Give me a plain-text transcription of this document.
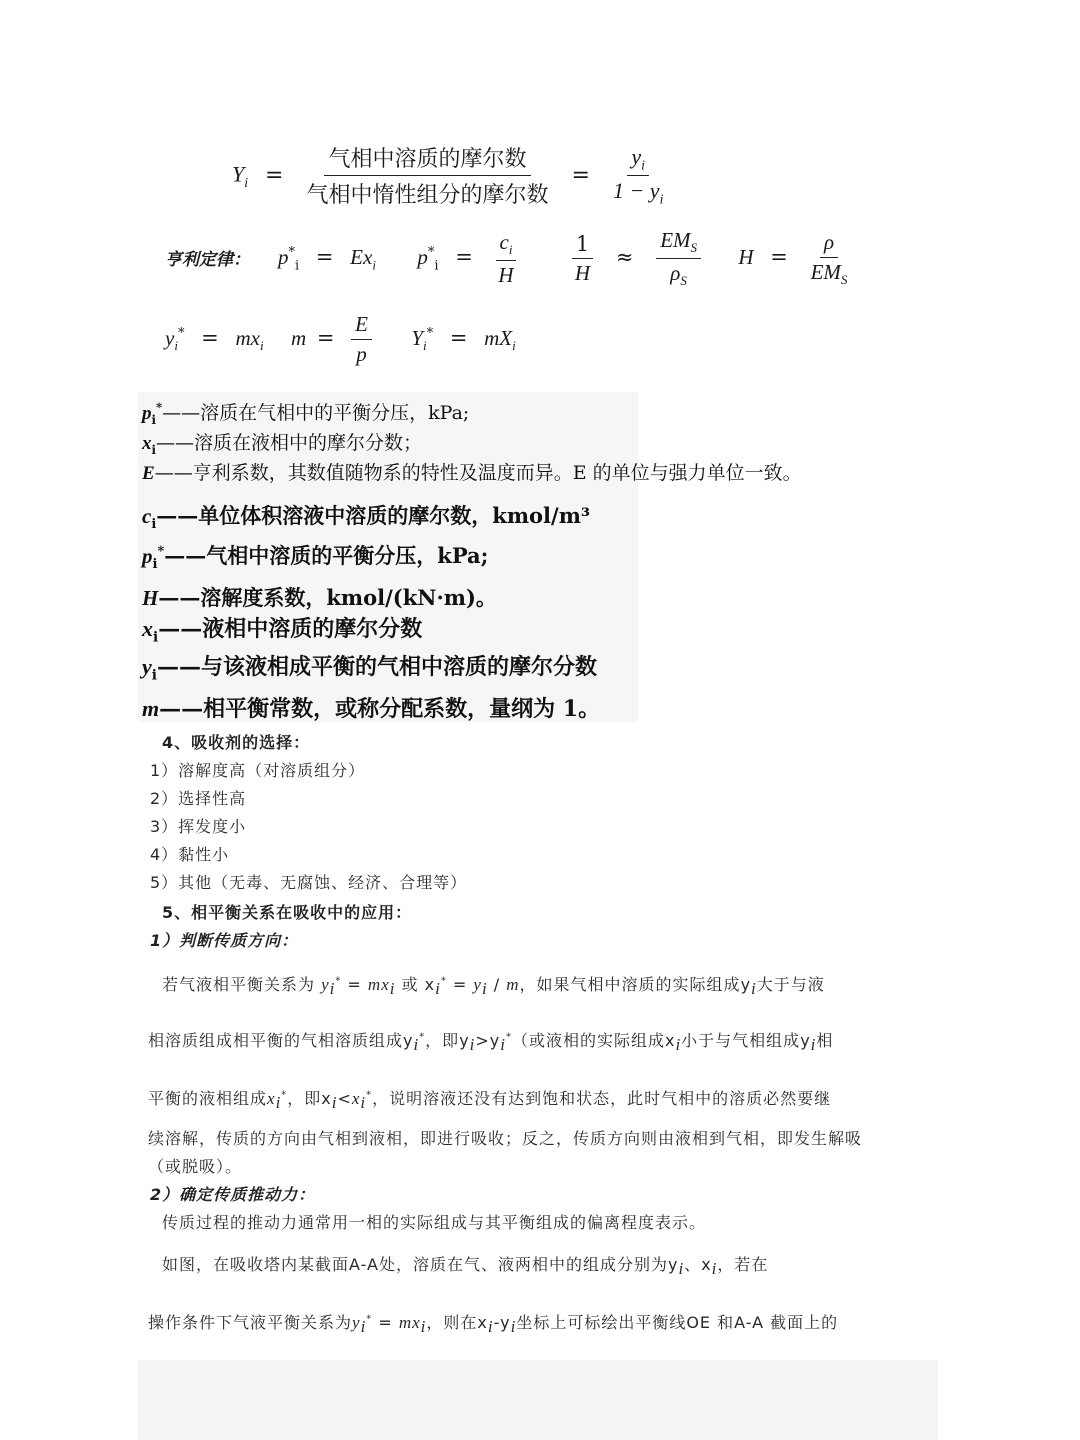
$Y_i = \frac{\text{气相中溶质的摩尔数}}{\text{气相中惰性组分的摩尔数}} = \frac{y_i}{1 - y_i}$
亨利定律： $p^*_i = Ex_i$ $p^*_i = \frac{c_i}{H}$
	$\frac{1}{H} \approx \frac{EM_S}{\rho_S}$ $H = \frac{\rho}{EM_S}$
$y_i^* = mx_i$ $m = \frac{E}{p} Y_i^* = mX_i$
$p_i^*——$溶质在气相中的平衡分压，kPa;
$x_i——$溶质在液相中的摩尔分数；
E——亨利系数，其数值随物系的特性及温度而异。E 的单位与强力单位一致。
$c_i——$单位体积溶液中溶质的摩尔数，kmol/m³
$p_i^*——$气相中溶质的平衡分压，kPa;
H——溶解度系数，kmol/(kN·m)。
$x_i——$液相中溶质的摩尔分数
$y_i——$与该液相成平衡的气相中溶质的摩尔分数
m——相平衡常数，或称分配系数，量纲为 1。
4、吸收剂的选择：
1）溶解度高（对溶质组分）
2）选择性高
3）挥发度小
4）黏性小
5）其他（无毒、无腐蚀、经济、合理等）
5、相平衡关系在吸收中的应用：
1）判断传质方向：
若气液相平衡关系为 $y_i^* = mx_i$ 或 $x_i^* = y_i / m$，如果气相中溶质的实际组成$y_i$大于与液
相溶质组成相平衡的气相溶质组成$y_i^*$，即$y_i>y_i^*$（或液相的实际组成$x_i$小于与气相组成$y_i$相
平衡的液相组成$x_i^*$，即$x_i<x_i^*$，说明溶液还没有达到饱和状态，此时气相中的溶质必然要继
续溶解，传质的方向由气相到液相，即进行吸收；反之，传质方向则由液相到气相，即发生解吸
（或脱吸）。
2）确定传质推动力：
传质过程的推动力通常用一相的实际组成与其平衡组成的偏离程度表示。
如图，在吸收塔内某截面A-A处，溶质在气、液两相中的组成分别为$y_i$、$x_i$，若在
操作条件下气液平衡关系为$y_i^* = mx_i$，则在$x_i-y_i$坐标上可标绘出平衡线OE 和A-A 截面上的
